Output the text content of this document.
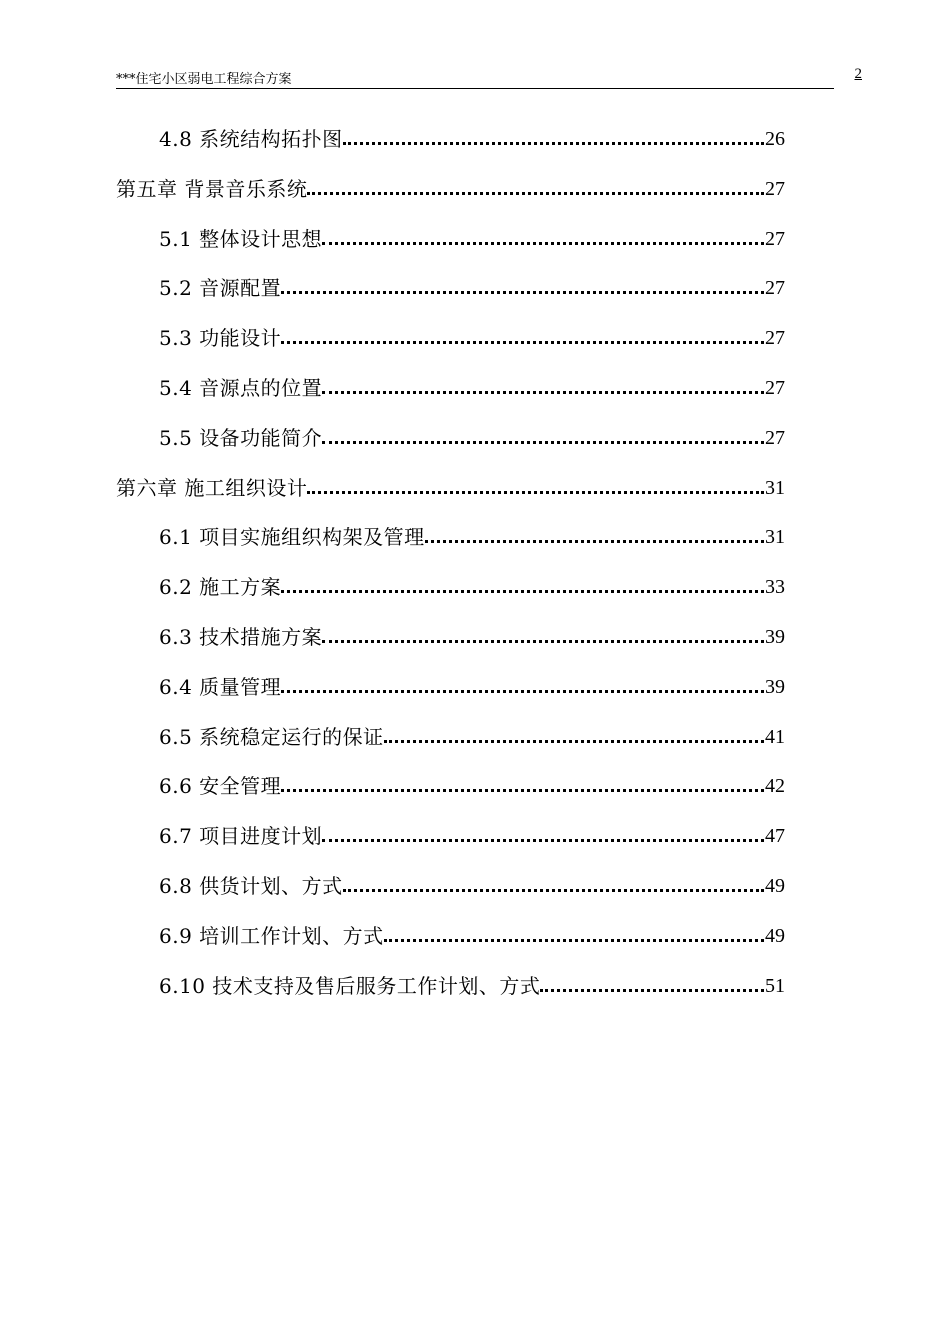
***住宅小区弱电工程综合方案	2
4.8 系统结构拓扑图	26
第五章 背景音乐系统	27
5.1 整体设计思想	27
5.2 音源配置	27
5.3 功能设计	27
5.4 音源点的位置	27
5.5 设备功能简介	27
第六章 施工组织设计	31
6.1 项目实施组织构架及管理	31
6.2 施工方案	33
6.3 技术措施方案	39
6.4 质量管理	39
6.5 系统稳定运行的保证	41
6.6 安全管理	42
6.7 项目进度计划	47
6.8 供货计划、方式	49
6.9 培训工作计划、方式	49
6.10 技术支持及售后服务工作计划、方式	51
